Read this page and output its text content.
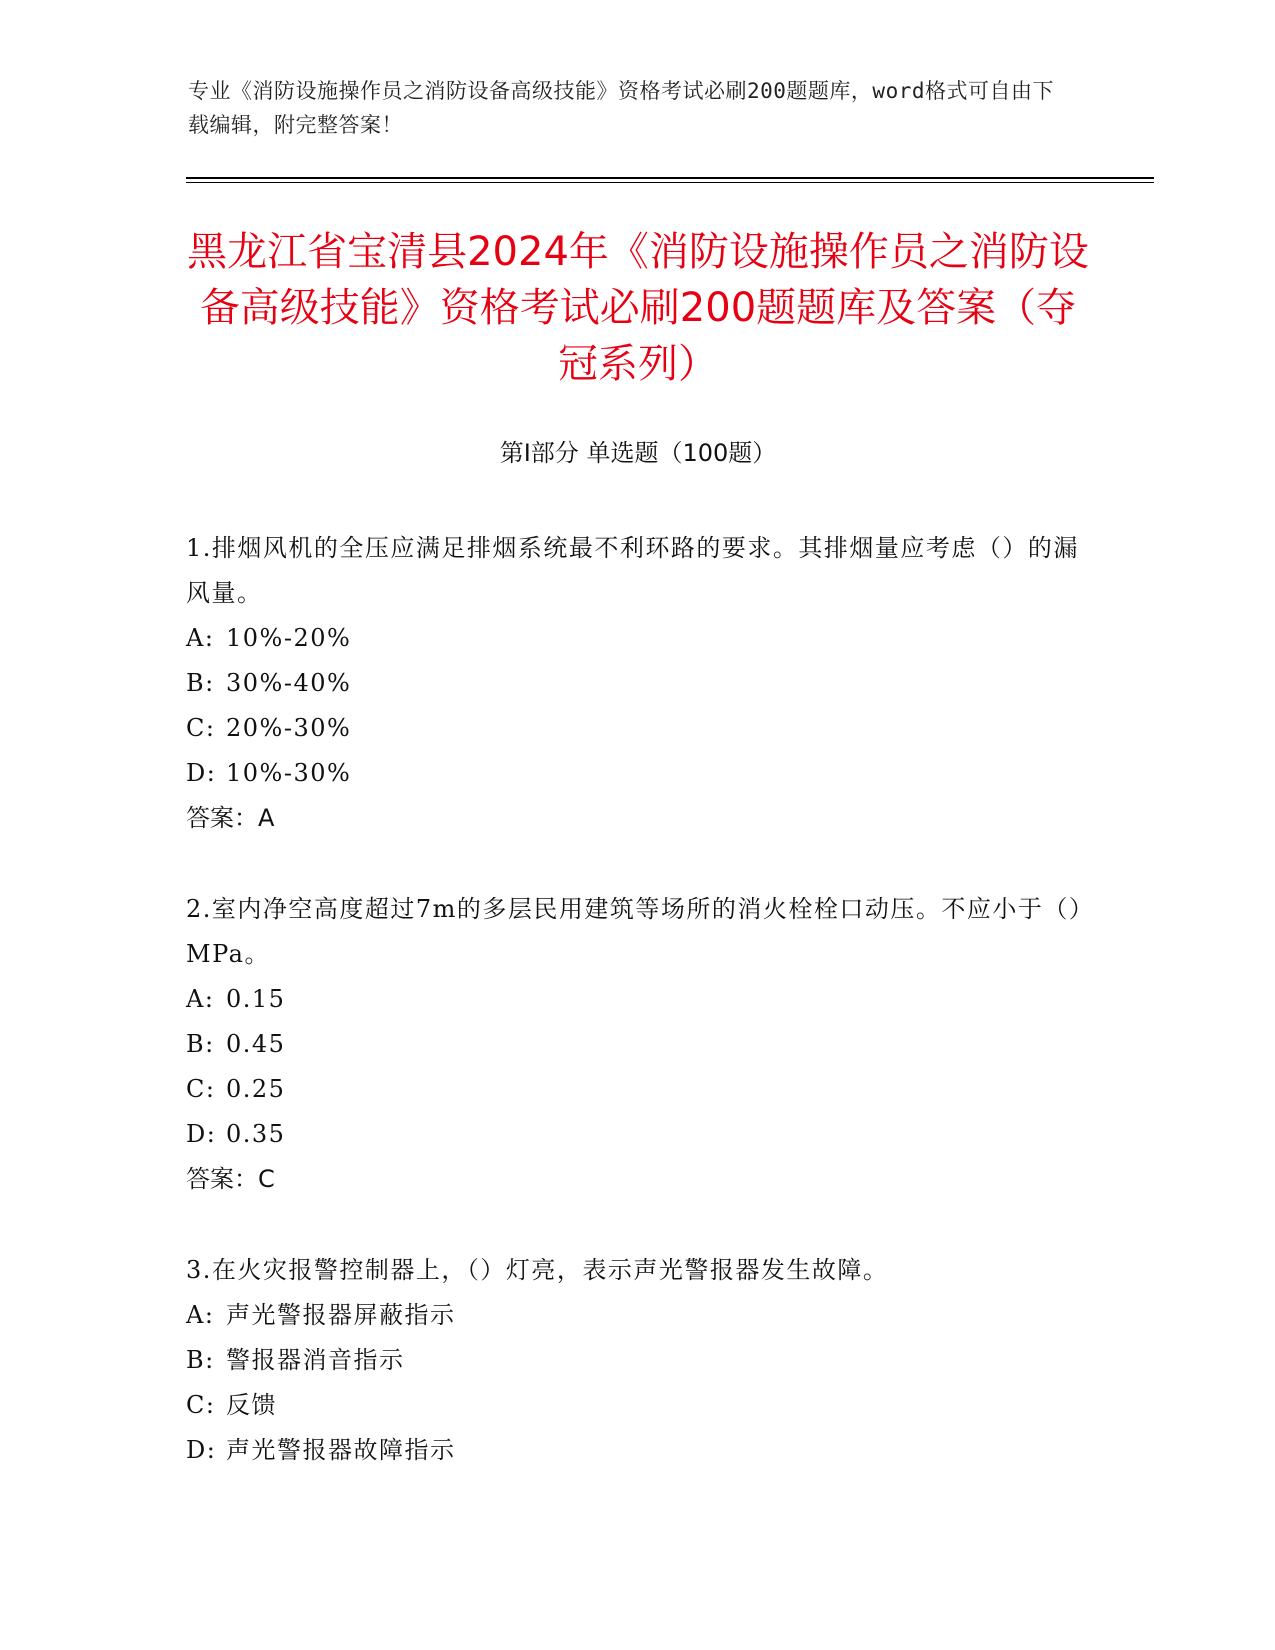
专业《消防设施操作员之消防设备高级技能》资格考试必刷200题题库，word格式可自由下载编辑，附完整答案！
黑龙江省宝清县2024年《消防设施操作员之消防设备高级技能》资格考试必刷200题题库及答案（夺冠系列）
第Ⅰ部分 单选题（100题）
1.排烟风机的全压应满足排烟系统最不利环路的要求。其排烟量应考虑（）的漏风量。
A: 10%-20%
B: 30%-40%
C: 20%-30%
D: 10%-30%
答案：A
2.室内净空高度超过7m的多层民用建筑等场所的消火栓栓口动压。不应小于（）MPa。
A: 0.15
B: 0.45
C: 0.25
D: 0.35
答案：C
3.在火灾报警控制器上，（）灯亮，表示声光警报器发生故障。
A: 声光警报器屏蔽指示
B: 警报器消音指示
C: 反馈
D: 声光警报器故障指示
